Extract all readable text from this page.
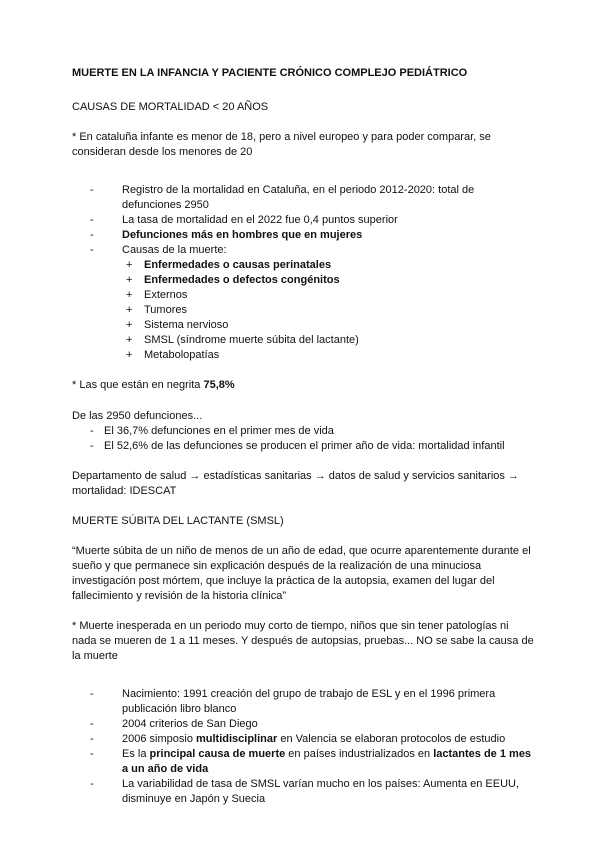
MUERTE EN LA INFANCIA Y PACIENTE CRÓNICO COMPLEJO PEDIÁTRICO
CAUSAS DE MORTALIDAD < 20 AÑOS

* En cataluña infante es menor de 18, pero a nivel europeo y para poder comparar, se consideran desde los menores de 20

-	Registro de la mortalidad en Cataluña, en el periodo 2012-2020: total de defunciones 2950
-	La tasa de mortalidad en el 2022 fue 0,4 puntos superior
-	Defunciones más en hombres que en mujeres
-	Causas de la muerte:
+ Enfermedades o causas perinatales
+ Enfermedades o defectos congénitos
+ Externos
+ Tumores
+ Sistema nervioso
+ SMSL (síndrome muerte súbita del lactante)
+ Metabolopatías

* Las que están en negrita 75,8%

De las 2950 defunciones...
- El 36,7% defunciones en el primer mes de vida
- El 52,6% de las defunciones se producen el primer año de vida: mortalidad infantil

Departamento de salud → estadísticas sanitarias → datos de salud y servicios sanitarios → mortalidad: IDESCAT

MUERTE SÚBITA DEL LACTANTE (SMSL)

“Muerte súbita de un niño de menos de un año de edad, que ocurre aparentemente durante el sueño y que permanece sin explicación después de la realización de una minuciosa investigación post mórtem, que incluye la práctica de la autopsia, examen del lugar del fallecimiento y revisión de la historia clínica”

* Muerte inesperada en un periodo muy corto de tiempo, niños que sin tener patologías ni nada se mueren de 1 a 11 meses. Y después de autopsias, pruebas... NO se sabe la causa de la muerte

-	Nacimiento: 1991 creación del grupo de trabajo de ESL y en el 1996 primera publicación libro blanco
-	2004 criterios de San Diego
-	2006 simposio multidisciplinar en Valencia se elaboran protocolos de estudio
-	Es la principal causa de muerte en países industrializados en lactantes de 1 mes a un año de vida
-	La variabilidad de tasa de SMSL varían mucho en los países: Aumenta en EEUU, disminuye en Japón y Suecia
